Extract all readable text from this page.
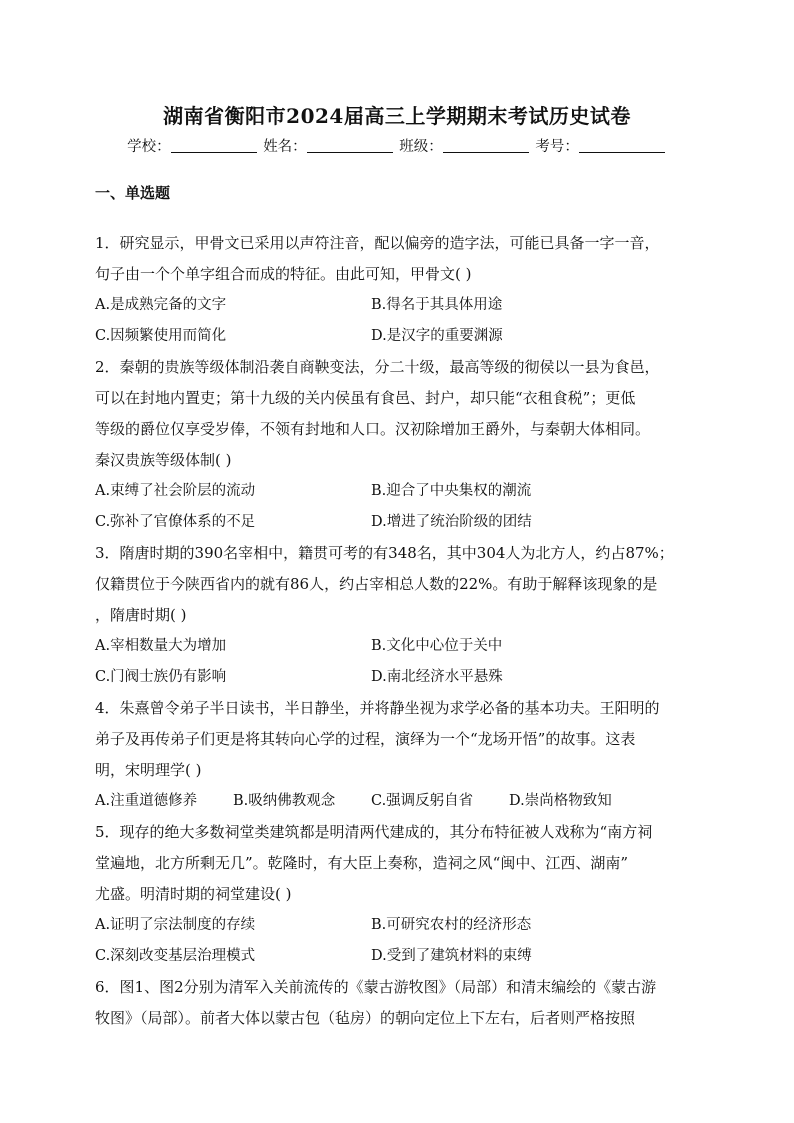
湖南省衡阳市2024届高三上学期期末考试历史试卷
学校：	姓名：	班级：	考号：
一、单选题
1．研究显示，甲骨文已采用以声符注音，配以偏旁的造字法，可能已具备一字一音，
句子由一个个单字组合而成的特征。由此可知，甲骨文( )
A.是成熟完备的文字	B.得名于其具体用途
C.因频繁使用而简化	D.是汉字的重要渊源
2．秦朝的贵族等级体制沿袭自商鞅变法，分二十级，最高等级的彻侯以一县为食邑，
可以在封地内置吏；第十九级的关内侯虽有食邑、封户，却只能“衣租食税”；更低
等级的爵位仅享受岁俸，不领有封地和人口。汉初除增加王爵外，与秦朝大体相同。
秦汉贵族等级体制( )
A.束缚了社会阶层的流动	B.迎合了中央集权的潮流
C.弥补了官僚体系的不足	D.增进了统治阶级的团结
3．隋唐时期的390名宰相中，籍贯可考的有348名，其中304人为北方人，约占87%；
仅籍贯位于今陕西省内的就有86人，约占宰相总人数的22%。有助于解释该现象的是
，隋唐时期( )
A.宰相数量大为增加	B.文化中心位于关中
C.门阀士族仍有影响	D.南北经济水平悬殊
4．朱熹曾令弟子半日读书，半日静坐，并将静坐视为求学必备的基本功夫。王阳明的
弟子及再传弟子们更是将其转向心学的过程，演绎为一个“龙场开悟”的故事。这表
明，宋明理学( )
A.注重道德修养 B.吸纳佛教观念 C.强调反躬自省 D.崇尚格物致知
5．现存的绝大多数祠堂类建筑都是明清两代建成的，其分布特征被人戏称为“南方祠
堂遍地，北方所剩无几”。乾隆时，有大臣上奏称，造祠之风“闽中、江西、湖南”
尤盛。明清时期的祠堂建设( )
A.证明了宗法制度的存续	B.可研究农村的经济形态
C.深刻改变基层治理模式	D.受到了建筑材料的束缚
6．图1、图2分别为清军入关前流传的《蒙古游牧图》（局部）和清末编绘的《蒙古游
牧图》（局部）。前者大体以蒙古包（毡房）的朝向定位上下左右，后者则严格按照
